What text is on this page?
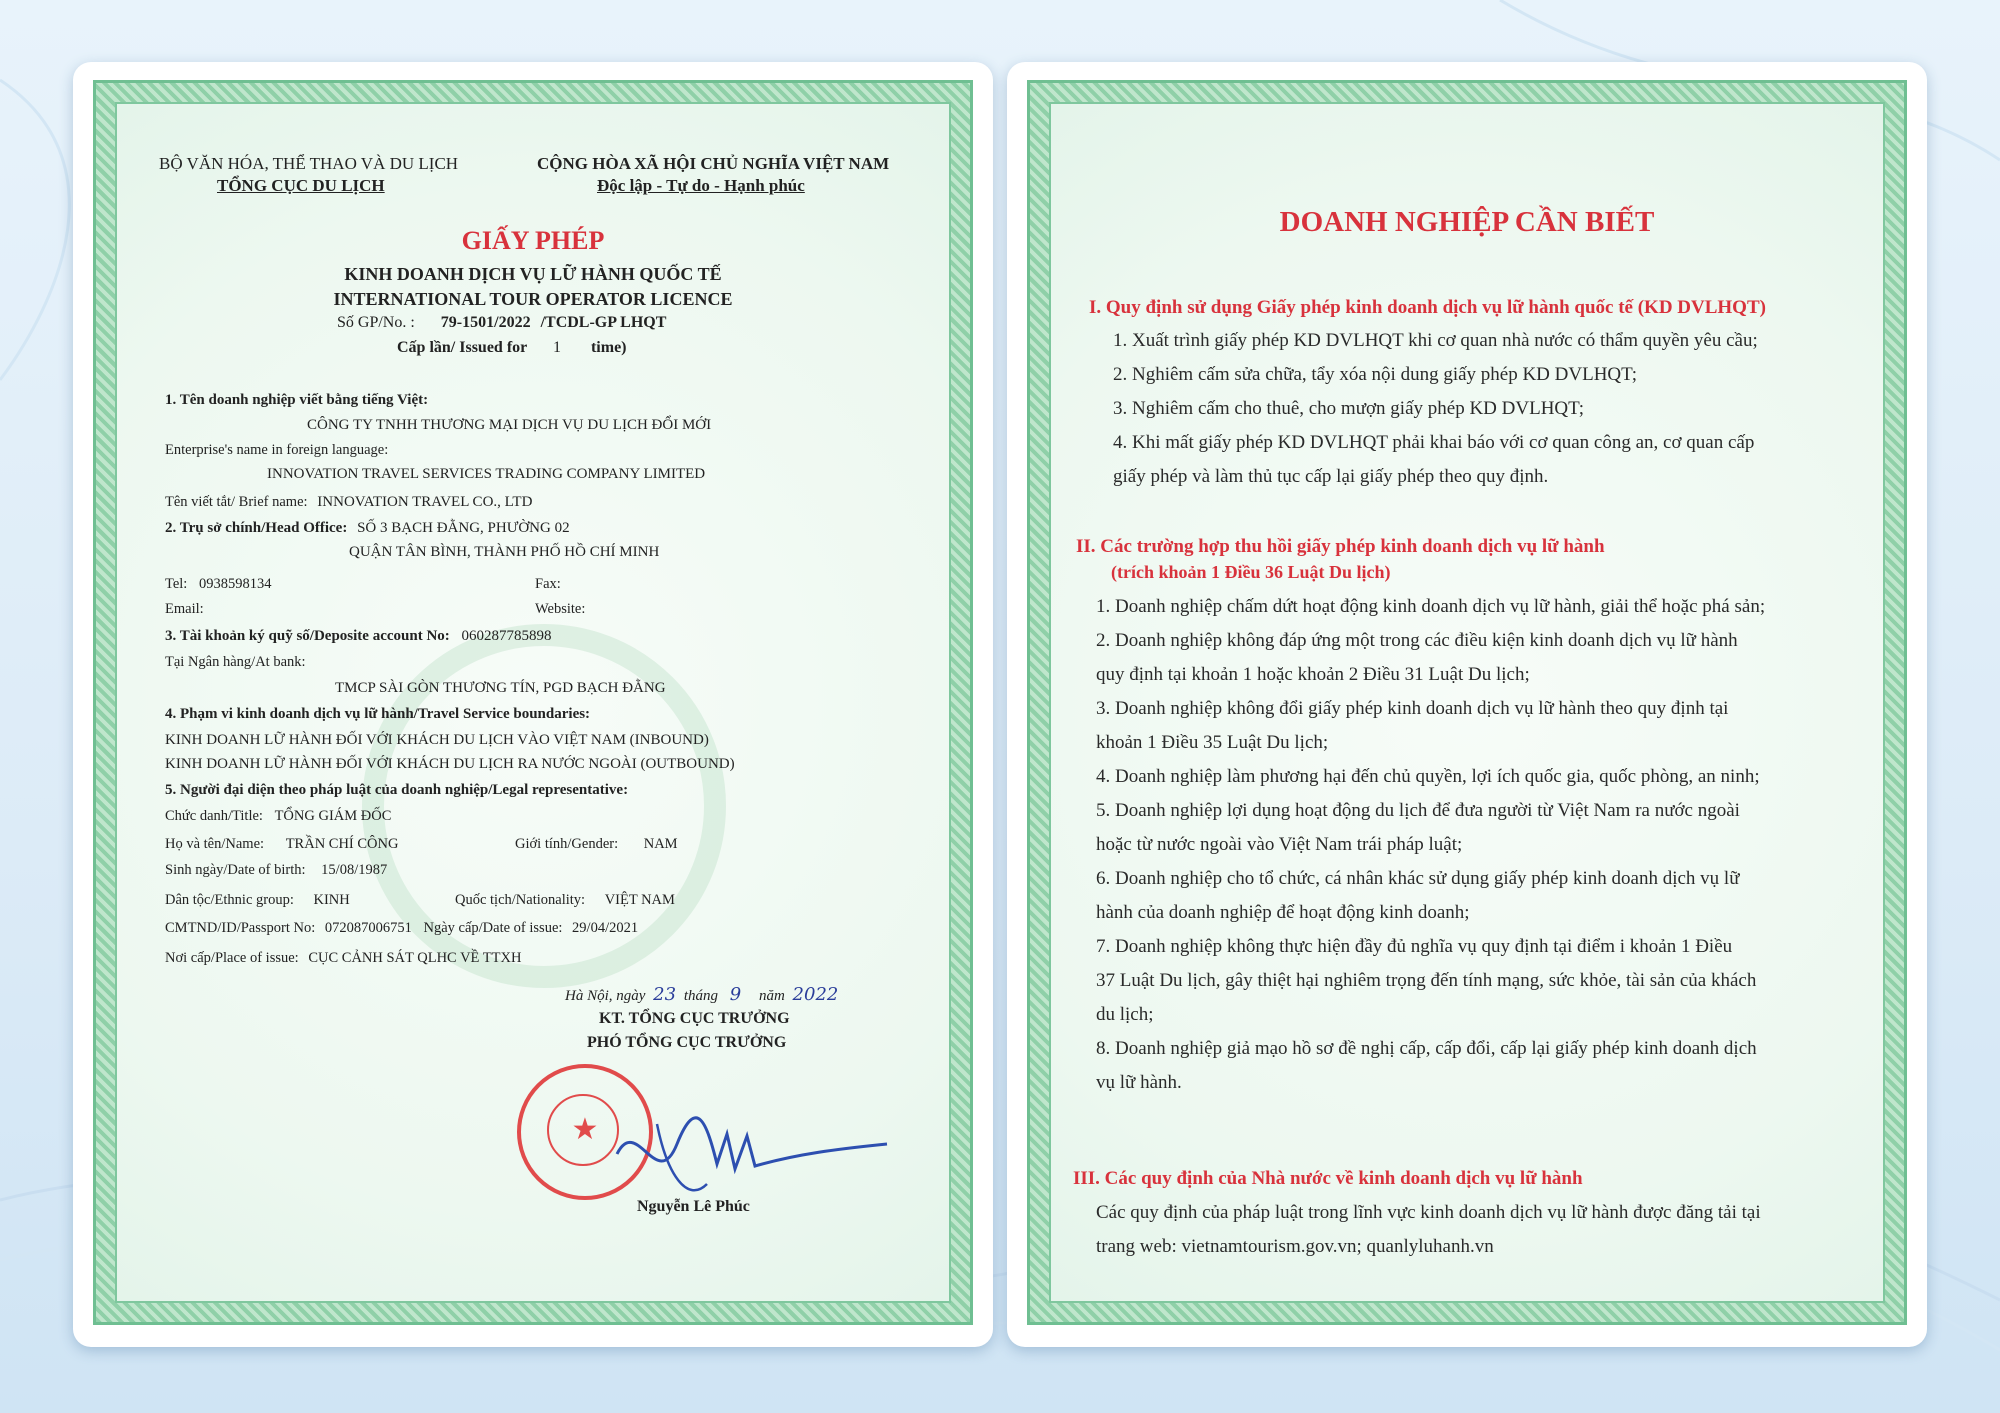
BỘ VĂN HÓA, THỂ THAO VÀ DU LỊCH
TỔNG CỤC DU LỊCH
CỘNG HÒA XÃ HỘI CHỦ NGHĨA VIỆT NAM
Độc lập - Tự do - Hạnh phúc
GIẤY PHÉP
KINH DOANH DỊCH VỤ LỮ HÀNH QUỐC TẾ
INTERNATIONAL TOUR OPERATOR LICENCE
Số GP/No. : 79-1501/2022 /TCDL-GP LHQT
Cấp lần/ Issued for 1 time)
1. Tên doanh nghiệp viết bằng tiếng Việt:
CÔNG TY TNHH THƯƠNG MẠI DỊCH VỤ DU LỊCH ĐỔI MỚI
Enterprise's name in foreign language:
INNOVATION TRAVEL SERVICES TRADING COMPANY LIMITED
Tên viết tắt/ Brief name: INNOVATION TRAVEL CO., LTD
2. Trụ sở chính/Head Office: SỐ 3 BẠCH ĐẰNG, PHƯỜNG 02
QUẬN TÂN BÌNH, THÀNH PHỐ HỒ CHÍ MINH
Tel: 0938598134	Fax:
Email:	Website:
3. Tài khoản ký quỹ số/Deposite account No: 060287785898
Tại Ngân hàng/At bank:
TMCP SÀI GÒN THƯƠNG TÍN, PGD BẠCH ĐẰNG
4. Phạm vi kinh doanh dịch vụ lữ hành/Travel Service boundaries:
KINH DOANH LỮ HÀNH ĐỐI VỚI KHÁCH DU LỊCH VÀO VIỆT NAM (INBOUND)
KINH DOANH LỮ HÀNH ĐỐI VỚI KHÁCH DU LỊCH RA NƯỚC NGOÀI (OUTBOUND)
5. Người đại diện theo pháp luật của doanh nghiệp/Legal representative:
Chức danh/Title: TỔNG GIÁM ĐỐC
Họ và tên/Name: TRẦN CHÍ CÔNG	Giới tính/Gender: NAM
Sinh ngày/Date of birth: 15/08/1987
Dân tộc/Ethnic group: KINH	Quốc tịch/Nationality: VIỆT NAM
CMTND/ID/Passport No: 072087006751 Ngày cấp/Date of issue: 29/04/2021
Nơi cấp/Place of issue: CỤC CẢNH SÁT QLHC VỀ TTXH
Hà Nội, ngày 23 tháng 9 năm 2022
KT. TỔNG CỤC TRƯỞNG
PHÓ TỔNG CỤC TRƯỞNG
★
Nguyễn Lê Phúc
DOANH NGHIỆP CẦN BIẾT
I. Quy định sử dụng Giấy phép kinh doanh dịch vụ lữ hành quốc tế (KD DVLHQT)
1. Xuất trình giấy phép KD DVLHQT khi cơ quan nhà nước có thẩm quyền yêu cầu;
2. Nghiêm cấm sửa chữa, tẩy xóa nội dung giấy phép KD DVLHQT;
3. Nghiêm cấm cho thuê, cho mượn giấy phép KD DVLHQT;
4. Khi mất giấy phép KD DVLHQT phải khai báo với cơ quan công an, cơ quan cấp
giấy phép và làm thủ tục cấp lại giấy phép theo quy định.
II. Các trường hợp thu hồi giấy phép kinh doanh dịch vụ lữ hành
(trích khoản 1 Điều 36 Luật Du lịch)
1. Doanh nghiệp chấm dứt hoạt động kinh doanh dịch vụ lữ hành, giải thể hoặc phá sản;
2. Doanh nghiệp không đáp ứng một trong các điều kiện kinh doanh dịch vụ lữ hành
quy định tại khoản 1 hoặc khoản 2 Điều 31 Luật Du lịch;
3. Doanh nghiệp không đổi giấy phép kinh doanh dịch vụ lữ hành theo quy định tại
khoản 1 Điều 35 Luật Du lịch;
4. Doanh nghiệp làm phương hại đến chủ quyền, lợi ích quốc gia, quốc phòng, an ninh;
5. Doanh nghiệp lợi dụng hoạt động du lịch để đưa người từ Việt Nam ra nước ngoài
hoặc từ nước ngoài vào Việt Nam trái pháp luật;
6. Doanh nghiệp cho tổ chức, cá nhân khác sử dụng giấy phép kinh doanh dịch vụ lữ
hành của doanh nghiệp để hoạt động kinh doanh;
7. Doanh nghiệp không thực hiện đầy đủ nghĩa vụ quy định tại điểm i khoản 1 Điều
37 Luật Du lịch, gây thiệt hại nghiêm trọng đến tính mạng, sức khỏe, tài sản của khách
du lịch;
8. Doanh nghiệp giả mạo hồ sơ đề nghị cấp, cấp đổi, cấp lại giấy phép kinh doanh dịch
vụ lữ hành.
III. Các quy định của Nhà nước về kinh doanh dịch vụ lữ hành
Các quy định của pháp luật trong lĩnh vực kinh doanh dịch vụ lữ hành được đăng tải tại
trang web: vietnamtourism.gov.vn; quanlyluhanh.vn
